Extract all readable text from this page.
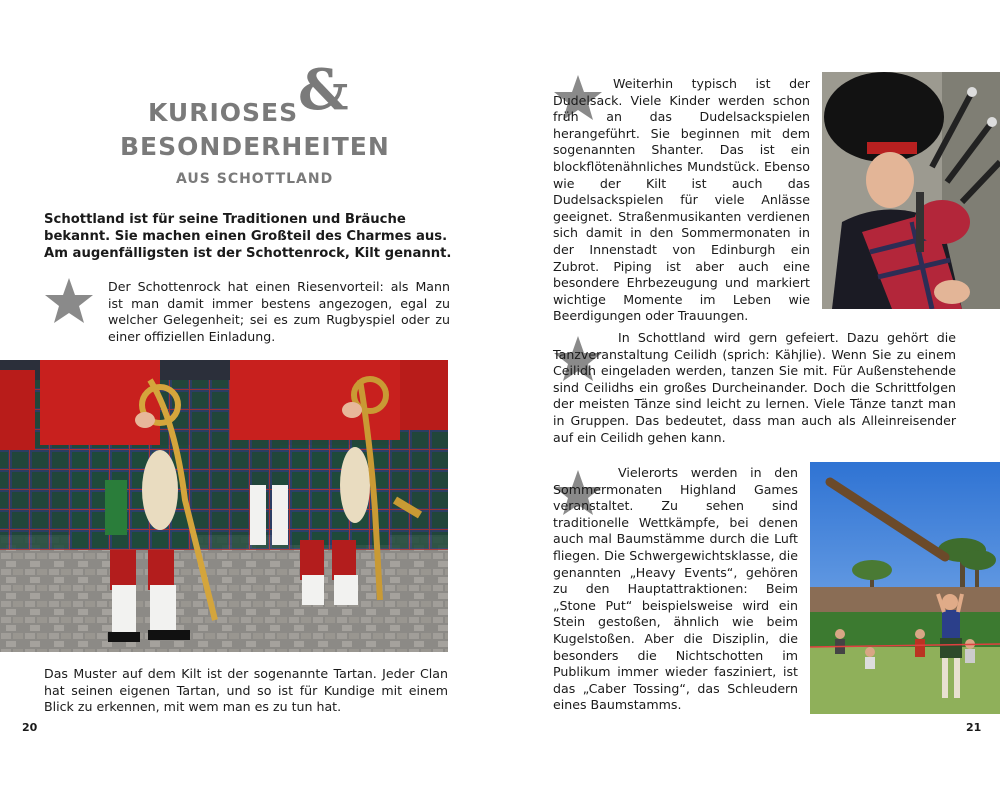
KURIOSES &
BESONDERHEITEN
AUS SCHOTTLAND

Schottland ist für seine Traditionen und Bräuche bekannt. Sie machen einen Großteil des Charmes aus. Am augenfälligsten ist der Schottenrock, Kilt genannt.

Der Schottenrock hat einen Riesenvorteil: als Mann ist man damit immer bestens angezogen, egal zu welcher Gelegenheit; sei es zum Rugbyspiel oder zu einer offiziellen Einladung.

Das Muster auf dem Kilt ist der sogenannte Tartan. Jeder Clan hat seinen eigenen Tartan, und so ist für Kundige mit einem Blick zu erkennen, mit wem man es zu tun hat.

20

Weiterhin typisch ist der Dudelsack. Viele Kinder werden schon früh an das Dudelsackspielen herangeführt. Sie beginnen mit dem sogenannten Shanter. Das ist ein blockflötenähnliches Mundstück. Ebenso wie der Kilt ist auch das Dudelsackspielen für viele Anlässe geeignet. Straßenmusikanten verdienen sich damit in den Sommermonaten in der Innenstadt von Edinburgh ein Zubrot. Piping ist aber auch eine besondere Ehrbezeugung und markiert wichtige Momente im Leben wie Beerdigungen oder Trauungen.

In Schottland wird gern gefeiert. Dazu gehört die Tanzveranstaltung Ceilidh (sprich: Kähjlie). Wenn Sie zu einem Ceilidh eingeladen werden, tanzen Sie mit. Für Außenstehende sind Ceilidhs ein großes Durcheinander. Doch die Schrittfolgen der meisten Tänze sind leicht zu lernen. Viele Tänze tanzt man in Gruppen. Das bedeutet, dass man auch als Alleinreisender auf ein Ceilidh gehen kann.

Vielerorts werden in den Sommermonaten Highland Games veranstaltet. Zu sehen sind traditionelle Wettkämpfe, bei denen auch mal Baumstämme durch die Luft fliegen. Die Schwergewichtsklasse, die genannten „Heavy Events“, gehören zu den Hauptattraktionen: Beim „Stone Put“ beispielsweise wird ein Stein gestoßen, ähnlich wie beim Kugelstoßen. Aber die Disziplin, die besonders die Nichtschotten im Publikum immer wieder fasziniert, ist das „Caber Tossing“, das Schleudern eines Baumstamms.

21
